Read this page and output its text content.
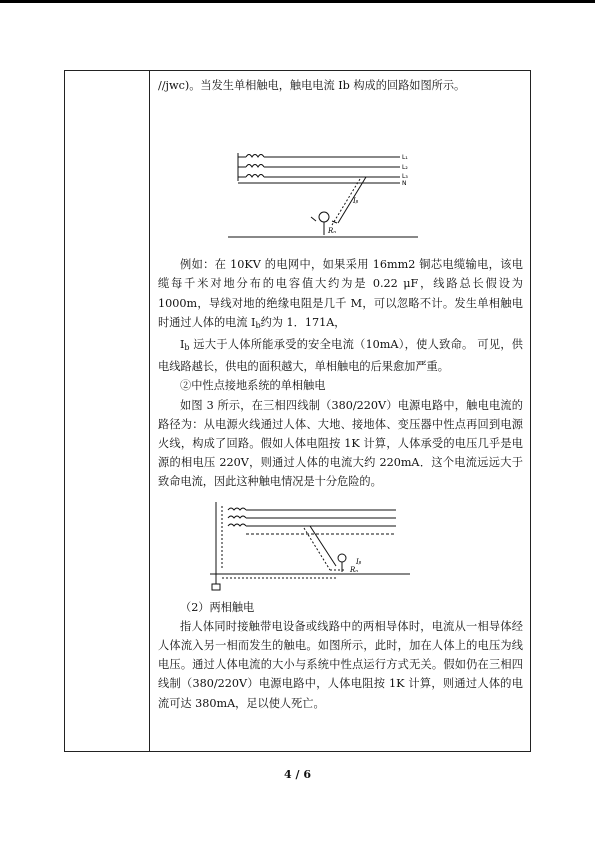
//jwc)。当发生单相触电，触电电流 Ib 构成的回路如图所示。

L₁
L₂
L₃
N
Iᵦ
Rₙ

例如：在 10KV 的电网中，如果采用 16mm2 铜芯电缆输电，该电缆每千米对地分布的电容值大约为是 0.22 μF，线路总长假设为1000m，导线对地的绝缘电阻是几千 M，可以忽略不计。发生单相触电时通过人体的电流 $I_b$约为 1．171A，

$I_b$ 远大于人体所能承受的安全电流（10mA），使人致命。 可见，供电线路越长，供电的面积越大，单相触电的后果愈加严重。

②中性点接地系统的单相触电

如图 3 所示，在三相四线制（380/220V）电源电路中，触电电流的路径为：从电源火线通过人体、大地、接地体、变压器中性点再回到电源火线，构成了回路。假如人体电阻按 1K 计算，人体承受的电压几乎是电源的相电压 220V，则通过人体的电流大约 220mA．这个电流远远大于致命电流，因此这种触电情况是十分危险的。

Iᵦ
Rₙ

（2）两相触电

指人体同时接触带电设备或线路中的两相导体时，电流从一相导体经人体流入另一相而发生的触电。如图所示，此时，加在人体上的电压为线电压。通过人体电流的大小与系统中性点运行方式无关。假如仍在三相四线制（380/220V）电源电路中，人体电阻按 1K 计算，则通过人体的电流可达 380mA，足以使人死亡。

4 / 6
